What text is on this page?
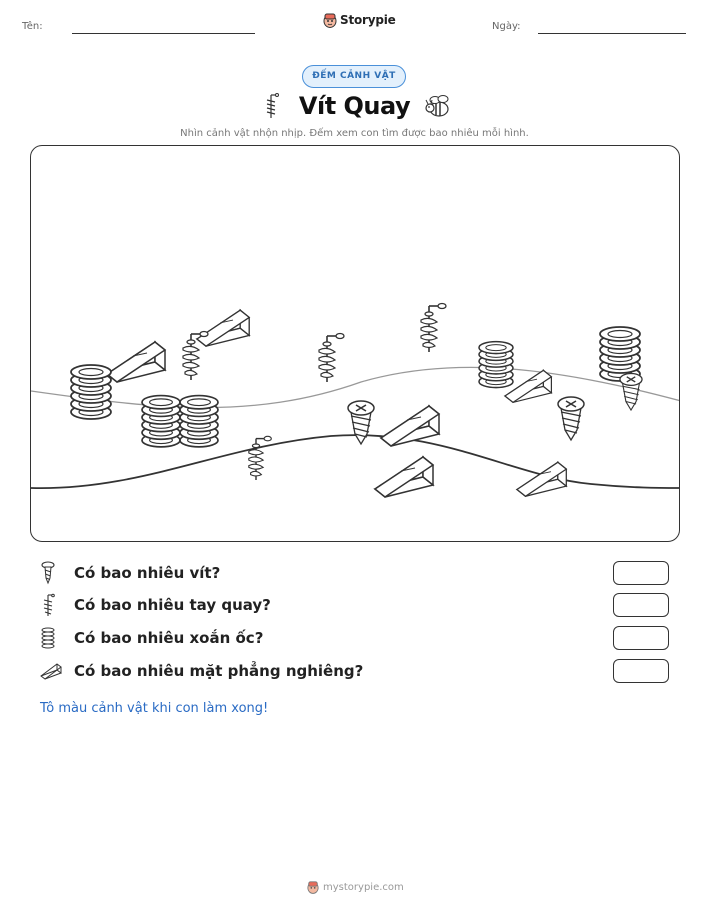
Tên:	Storypie	Ngày:
ĐẾM CẢNH VẬT
Vít Quay
Nhìn cảnh vật nhộn nhịp. Đếm xem con tìm được bao nhiêu mỗi hình.
Có bao nhiêu vít?
Có bao nhiêu tay quay?
Có bao nhiêu xoắn ốc?
Có bao nhiêu mặt phẳng nghiêng?
Tô màu cảnh vật khi con làm xong!
mystorypie.com
